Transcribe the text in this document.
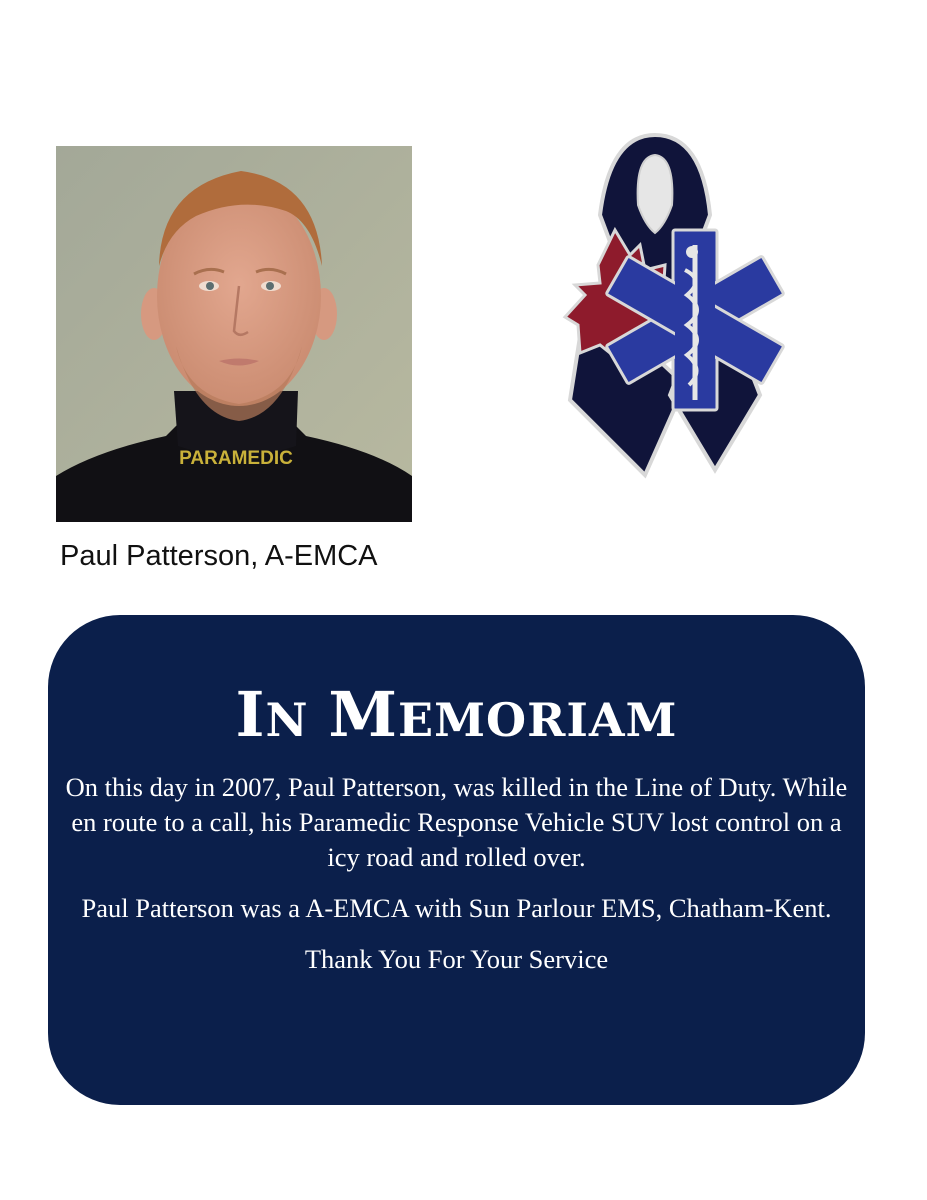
PARAMEDIC
Paul Patterson, A-EMCA
IN MEMORIAM
On this day in 2007, Paul Patterson, was killed in the Line of Duty. While en route to a call, his Paramedic Response Vehicle SUV lost control on a icy road and rolled over.
Paul Patterson was a A-EMCA with Sun Parlour EMS, Chatham-Kent.
Thank You For Your Service
